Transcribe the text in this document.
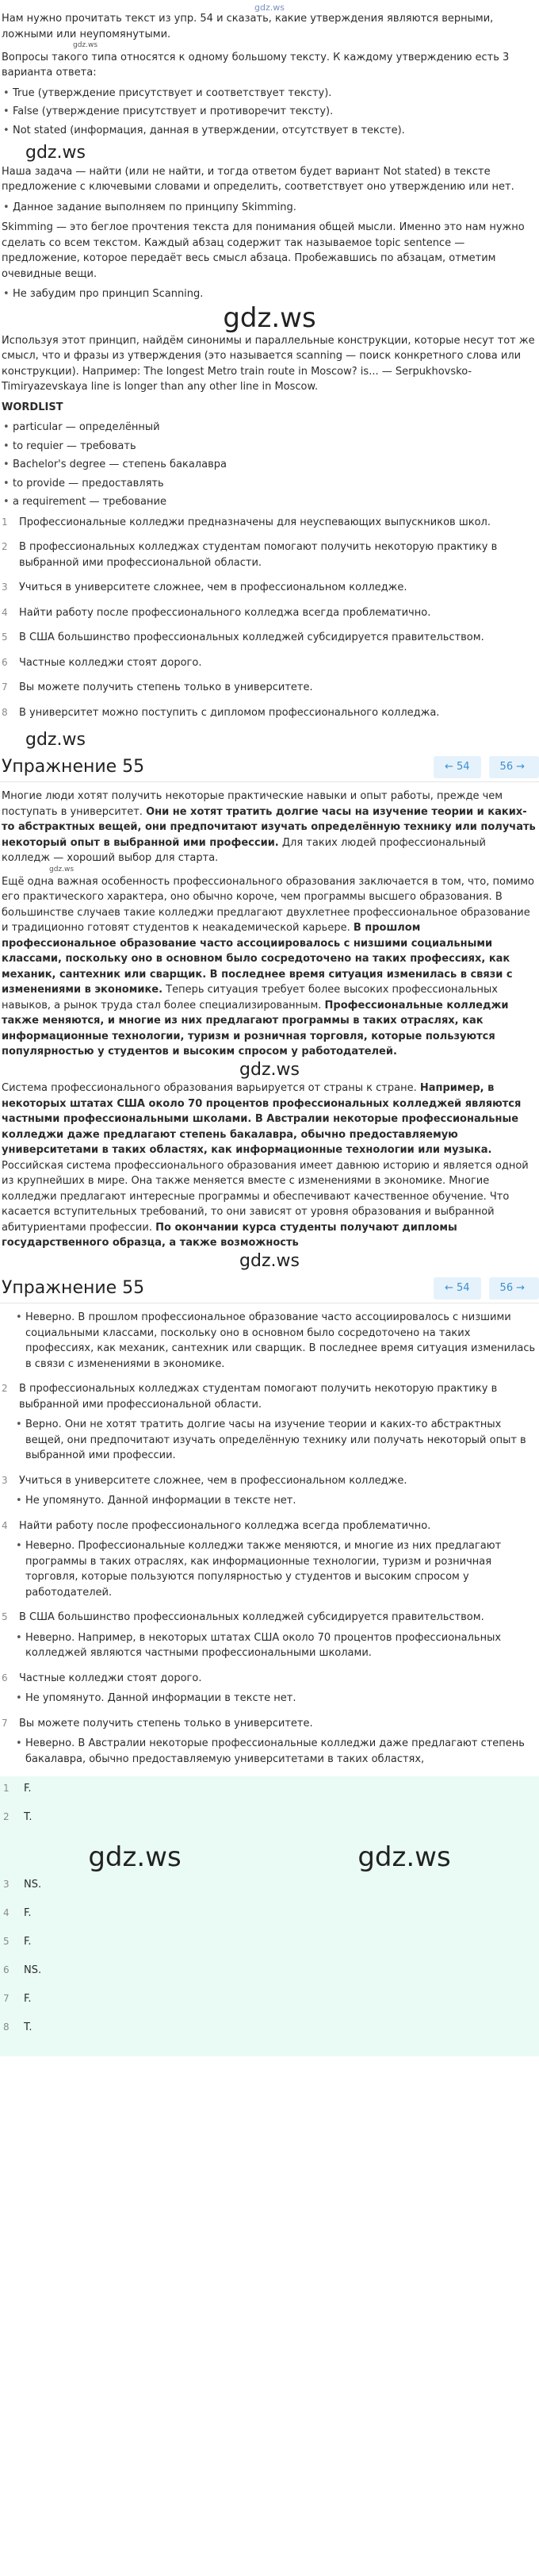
gdz.ws

Нам нужно прочитать текст из упр. 54 и сказать, какие утверждения являются верными, ложными или неупомянутыми.

gdz.ws

Вопросы такого типа относятся к одному большому тексту. К каждому утверждению есть 3 варианта ответа:

• True (утверждение присутствует и соответствует тексту).
• False (утверждение присутствует и противоречит тексту).
• Not stated (информация, данная в утверждении, отсутствует в тексте).
gdz.ws

Наша задача — найти (или не найти, и тогда ответом будет вариант Not stated) в тексте предложение с ключевыми словами и определить, соответствует оно утверждению или нет.

• Данное задание выполняем по принципу Skimming.

Skimming — это беглое прочтения текста для понимания общей мысли. Именно это нам нужно сделать со всем текстом. Каждый абзац содержит так называемое topic sentence — предложение, которое передаёт весь смысл абзаца. Пробежавшись по абзацам, отметим очевидные вещи.

• Не забудим про принцип Scanning.
gdz.ws

Используя этот принцип, найдём синонимы и параллельные конструкции, которые несут тот же смысл, что и фразы из утверждения (это называется scanning — поиск конкретного слова или конструкции). Например: The longest Metro train route in Moscow? is... — Serpukhovsko-Timiryazevskaya line is longer than any other line in Moscow.

WORDLIST
• particular — определённый
• to requier — требовать
• Bachelor's degree — степень бакалавра
• to provide — предоставлять
• a requirement — требование
1	Профессиональные колледжи предназначены для неуспевающих выпускников школ.
2	В профессиональных колледжах студентам помогают получить некоторую практику в выбранной ими профессиональной области.
3	Учиться в университете сложнее, чем в профессиональном колледже.
4	Найти работу после профессионального колледжа всегда проблематично.
5	В США большинство профессиональных колледжей субсидируется правительством.
6	Частные колледжи стоят дорого.
7	Вы можете получить степень только в университете.
8	В университет можно поступить с дипломом профессионального колледжа.
gdz.ws
Упражнение 55	← 54	56 →

Многие люди хотят получить некоторые практические навыки и опыт работы, прежде чем поступать в университет. Они не хотят тратить долгие часы на изучение теории и каких-то абстрактных вещей, они предпочитают изучать определённую технику или получать некоторый опыт в выбранной ими профессии. Для таких людей профессиональный колледж — хороший выбор для старта.

gdz.ws

Ещё одна важная особенность профессионального образования заключается в том, что, помимо его практического характера, оно обычно короче, чем программы высшего образования. В большинстве случаев такие колледжи предлагают двухлетнее профессиональное образование и традиционно готовят студентов к неакадемической карьере. В прошлом профессиональное образование часто ассоциировалось с низшими социальными классами, поскольку оно в основном было сосредоточено на таких профессиях, как механик, сантехник или сварщик. В последнее время ситуация изменилась в связи с изменениями в экономике. Теперь ситуация требует более высоких профессиональных навыков, а рынок труда стал более специализированным. Профессиональные колледжи также меняются, и многие из них предлагают программы в таких отраслях, как информационные технологии, туризм и розничная торговля, которые пользуются популярностью у студентов и высоким спросом у работодателей.

gdz.ws

Система профессионального образования варьируется от страны к стране. Например, в некоторых штатах США около 70 процентов профессиональных колледжей являются частными профессиональными школами. В Австралии некоторые профессиональные колледжи даже предлагают степень бакалавра, обычно предоставляемую университетами в таких областях, как информационные технологии или музыка.

Российская система профессионального образования имеет давнюю историю и является одной из крупнейших в мире. Она также меняется вместе с изменениями в экономике. Многие колледжи предлагают интересные программы и обеспечивают качественное обучение. Что касается вступительных требований, то они зависят от уровня образования и выбранной абитуриентами профессии. По окончании курса студенты получают дипломы государственного образца, а также возможность

gdz.ws
Упражнение 55	← 54	56 →
• Неверно. В прошлом профессиональное образование часто ассоциировалось с низшими социальными классами, поскольку оно в основном было сосредоточено на таких профессиях, как механик, сантехник или сварщик. В последнее время ситуация изменилась в связи с изменениями в экономике.
2	В профессиональных колледжах студентам помогают получить некоторую практику в выбранной ими профессиональной области.
• Верно. Они не хотят тратить долгие часы на изучение теории и каких-то абстрактных вещей, они предпочитают изучать определённую технику или получать некоторый опыт в выбранной ими профессии.
3	Учиться в университете сложнее, чем в профессиональном колледже.
• Не упомянуто. Данной информации в тексте нет.
4	Найти работу после профессионального колледжа всегда проблематично.
• Неверно. Профессиональные колледжи также меняются, и многие из них предлагают программы в таких отраслях, как информационные технологии, туризм и розничная торговля, которые пользуются популярностью у студентов и высоким спросом у работодателей.
5	В США большинство профессиональных колледжей субсидируется правительством.
• Неверно. Например, в некоторых штатах США около 70 процентов профессиональных колледжей являются частными профессиональными школами.
6	Частные колледжи стоят дорого.
• Не упомянуто. Данной информации в тексте нет.
7	Вы можете получить степень только в университете.
• Неверно. В Австралии некоторые профессиональные колледжи даже предлагают степень бакалавра, обычно предоставляемую университетами в таких областях,
1	F.
2	T.
gdz.ws	gdz.ws
3	NS.
4	F.
5	F.
6	NS.
7	F.
8	T.
